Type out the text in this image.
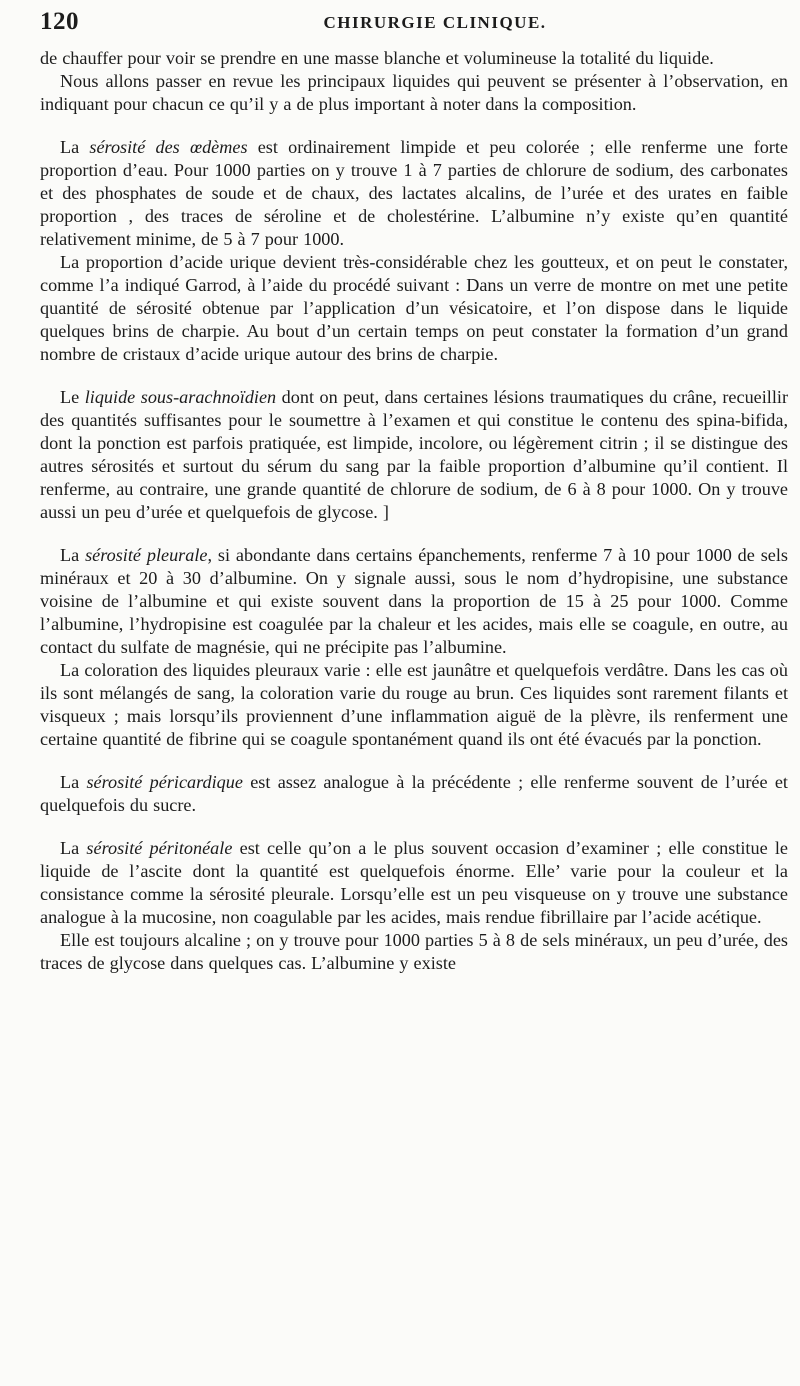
120	CHIRURGIE CLINIQUE.

de chauffer pour voir se prendre en une masse blanche et volumineuse la totalité du liquide.

Nous allons passer en revue les principaux liquides qui peuvent se présenter à l’observation, en indiquant pour chacun ce qu’il y a de plus important à noter dans la composition.

La sérosité des œdèmes est ordinairement limpide et peu colorée ; elle renferme une forte proportion d’eau. Pour 1000 parties on y trouve 1 à 7 parties de chlorure de sodium, des carbonates et des phosphates de soude et de chaux, des lactates alcalins, de l’urée et des urates en faible proportion , des traces de séroline et de cholestérine. L’albumine n’y existe qu’en quantité relativement minime, de 5 à 7 pour 1000.

La proportion d’acide urique devient très-considérable chez les goutteux, et on peut le constater, comme l’a indiqué Garrod, à l’aide du procédé suivant : Dans un verre de montre on met une petite quantité de sérosité obtenue par l’application d’un vésicatoire, et l’on dispose dans le liquide quelques brins de charpie. Au bout d’un certain temps on peut constater la formation d’un grand nombre de cristaux d’acide urique autour des brins de charpie.

Le liquide sous-arachnoïdien dont on peut, dans certaines lésions traumatiques du crâne, recueillir des quantités suffisantes pour le soumettre à l’examen et qui constitue le contenu des spina-bifida, dont la ponction est parfois pratiquée, est limpide, incolore, ou légèrement citrin ; il se distingue des autres sérosités et surtout du sérum du sang par la faible proportion d’albumine qu’il contient. Il renferme, au contraire, une grande quantité de chlorure de sodium, de 6 à 8 pour 1000. On y trouve aussi un peu d’urée et quelquefois de glycose. ]

La sérosité pleurale, si abondante dans certains épanchements, renferme 7 à 10 pour 1000 de sels minéraux et 20 à 30 d’albumine. On y signale aussi, sous le nom d’hydropisine, une substance voisine de l’albumine et qui existe souvent dans la proportion de 15 à 25 pour 1000. Comme l’albumine, l’hydropisine est coagulée par la chaleur et les acides, mais elle se coagule, en outre, au contact du sulfate de magnésie, qui ne précipite pas l’albumine.

La coloration des liquides pleuraux varie : elle est jaunâtre et quelquefois verdâtre. Dans les cas où ils sont mélangés de sang, la coloration varie du rouge au brun. Ces liquides sont rarement filants et visqueux ; mais lorsqu’ils proviennent d’une inflammation aiguë de la plèvre, ils renferment une certaine quantité de fibrine qui se coagule spontanément quand ils ont été évacués par la ponction.

La sérosité péricardique est assez analogue à la précédente ; elle renferme souvent de l’urée et quelquefois du sucre.

La sérosité péritonéale est celle qu’on a le plus souvent occasion d’examiner ; elle constitue le liquide de l’ascite dont la quantité est quelquefois énorme. Elle’ varie pour la couleur et la consistance comme la sérosité pleurale. Lorsqu’elle est un peu visqueuse on y trouve une substance analogue à la mucosine, non coagulable par les acides, mais rendue fibrillaire par l’acide acétique.

Elle est toujours alcaline ; on y trouve pour 1000 parties 5 à 8 de sels minéraux, un peu d’urée, des traces de glycose dans quelques cas. L’albumine y existe
